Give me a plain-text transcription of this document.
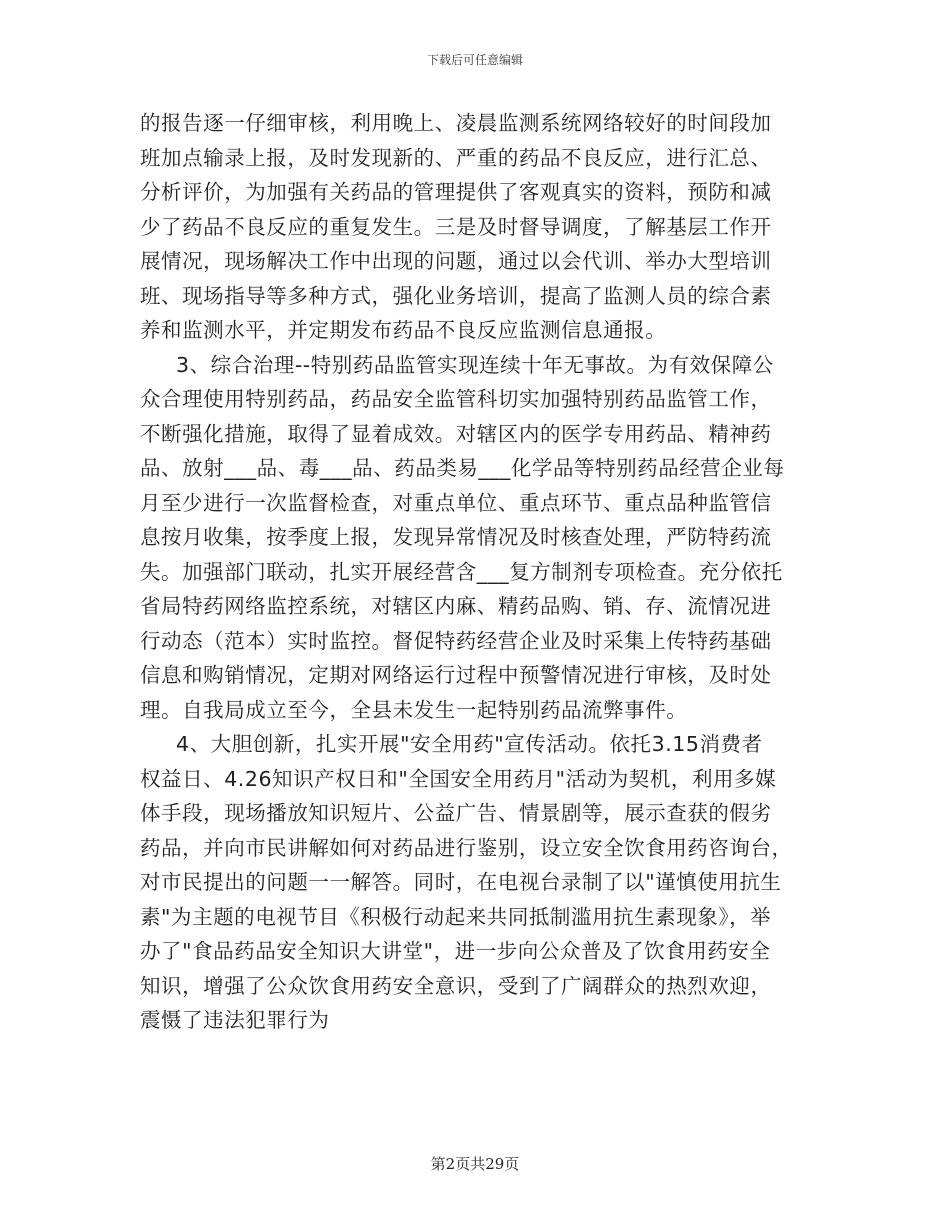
下载后可任意编辑

的报告逐一仔细审核，利用晚上、凌晨监测系统网络较好的时间段加

班加点输录上报，及时发现新的、严重的药品不良反应，进行汇总、

分析评价，为加强有关药品的管理提供了客观真实的资料，预防和减

少了药品不良反应的重复发生。三是及时督导调度，了解基层工作开

展情况，现场解决工作中出现的问题，通过以会代训、举办大型培训

班、现场指导等多种方式，强化业务培训，提高了监测人员的综合素

养和监测水平，并定期发布药品不良反应监测信息通报。

3、综合治理--特别药品监管实现连续十年无事故。为有效保障公

众合理使用特别药品，药品安全监管科切实加强特别药品监管工作，

不断强化措施，取得了显着成效。对辖区内的医学专用药品、精神药

品、放射___品、毒___品、药品类易___化学品等特别药品经营企业每

月至少进行一次监督检查，对重点单位、重点环节、重点品种监管信

息按月收集，按季度上报，发现异常情况及时核查处理，严防特药流

失。加强部门联动，扎实开展经营含___复方制剂专项检查。充分依托

省局特药网络监控系统，对辖区内麻、精药品购、销、存、流情况进

行动态（范本）实时监控。督促特药经营企业及时采集上传特药基础

信息和购销情况，定期对网络运行过程中预警情况进行审核，及时处

理。自我局成立至今，全县未发生一起特别药品流弊事件。

4、大胆创新，扎实开展"安全用药"宣传活动。依托3.15消费者

权益日、4.26知识产权日和"全国安全用药月"活动为契机，利用多媒

体手段，现场播放知识短片、公益广告、情景剧等，展示查获的假劣

药品，并向市民讲解如何对药品进行鉴别，设立安全饮食用药咨询台，

对市民提出的问题一一解答。同时，在电视台录制了以"谨慎使用抗生

素"为主题的电视节目《积极行动起来共同抵制滥用抗生素现象》，举

办了"食品药品安全知识大讲堂"，进一步向公众普及了饮食用药安全

知识，增强了公众饮食用药安全意识，受到了广阔群众的热烈欢迎，

震慑了违法犯罪行为

第2页共29页
